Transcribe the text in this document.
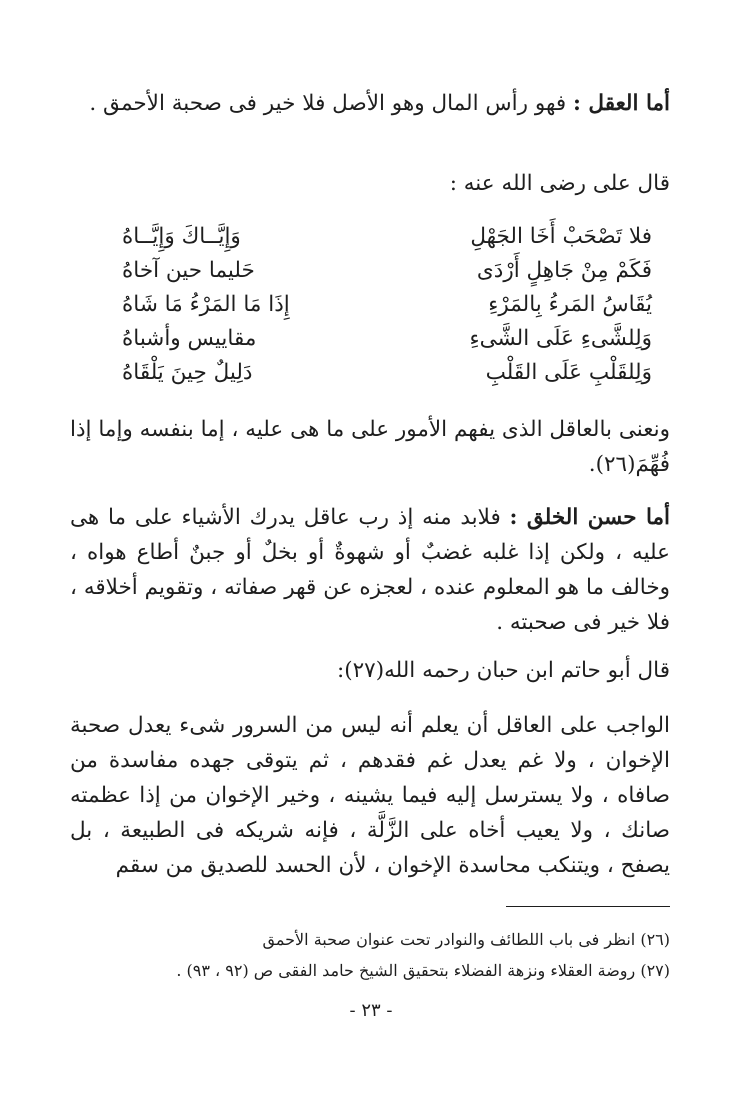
أما العقل : فهو رأس المال وهو الأصل فلا خير فى صحبة الأحمق .
قال على رضى الله عنه :
فلا تَصْحَبْ أَخَا الجَهْلِ
وَإِيَّــاكَ وَإِيَّــاهُ
فَكَمْ مِنْ جَاهِلٍ أَرْدَى
حَليما حين آخاهُ
يُقَاسُ المَرءُ بِالمَرْءِ
إِذَا مَا المَرْءُ مَا شَاهُ
وَلِلشَّىءِ عَلَى الشَّىءِ
مقاييس وأشباهُ
وَلِلقَلْبِ عَلَى القَلْبِ
دَلِيلٌ حِينَ يَلْقَاهُ
ونعنى بالعاقل الذى يفهم الأمور على ما هى عليه ، إما بنفسه وإما إذا فُهِّمَ(٢٦).
أما حسن الخلق : فلابد منه إذ رب عاقل يدرك الأشياء على ما هى عليه ، ولكن إذا غلبه غضبٌ أو شهوةٌ أو بخلٌ أو جبنٌ أطاع هواه ، وخالف ما هو المعلوم عنده ، لعجزه عن قهر صفاته ، وتقويم أخلاقه ، فلا خير فى صحبته .
قال أبو حاتم ابن حبان رحمه الله(٢٧):
الواجب على العاقل أن يعلم أنه ليس من السرور شىء يعدل صحبة الإخوان ، ولا غم يعدل غم فقدهم ، ثم يتوقى جهده مفاسدة من صافاه ، ولا يسترسل إليه فيما يشينه ، وخير الإخوان من إذا عظمته صانك ، ولا يعيب أخاه على الزَّلَّة ، فإنه شريكه فى الطبيعة ، بل يصفح ، ويتنكب محاسدة الإخوان ، لأن الحسد للصديق من سقم
(٢٦) انظر فى باب اللطائف والنوادر تحت عنوان صحبة الأحمق
(٢٧) روضة العقلاء ونزهة الفضلاء بتحقيق الشيخ حامد الفقى ص (٩٢ ، ٩٣) .
- ٢٣ -
